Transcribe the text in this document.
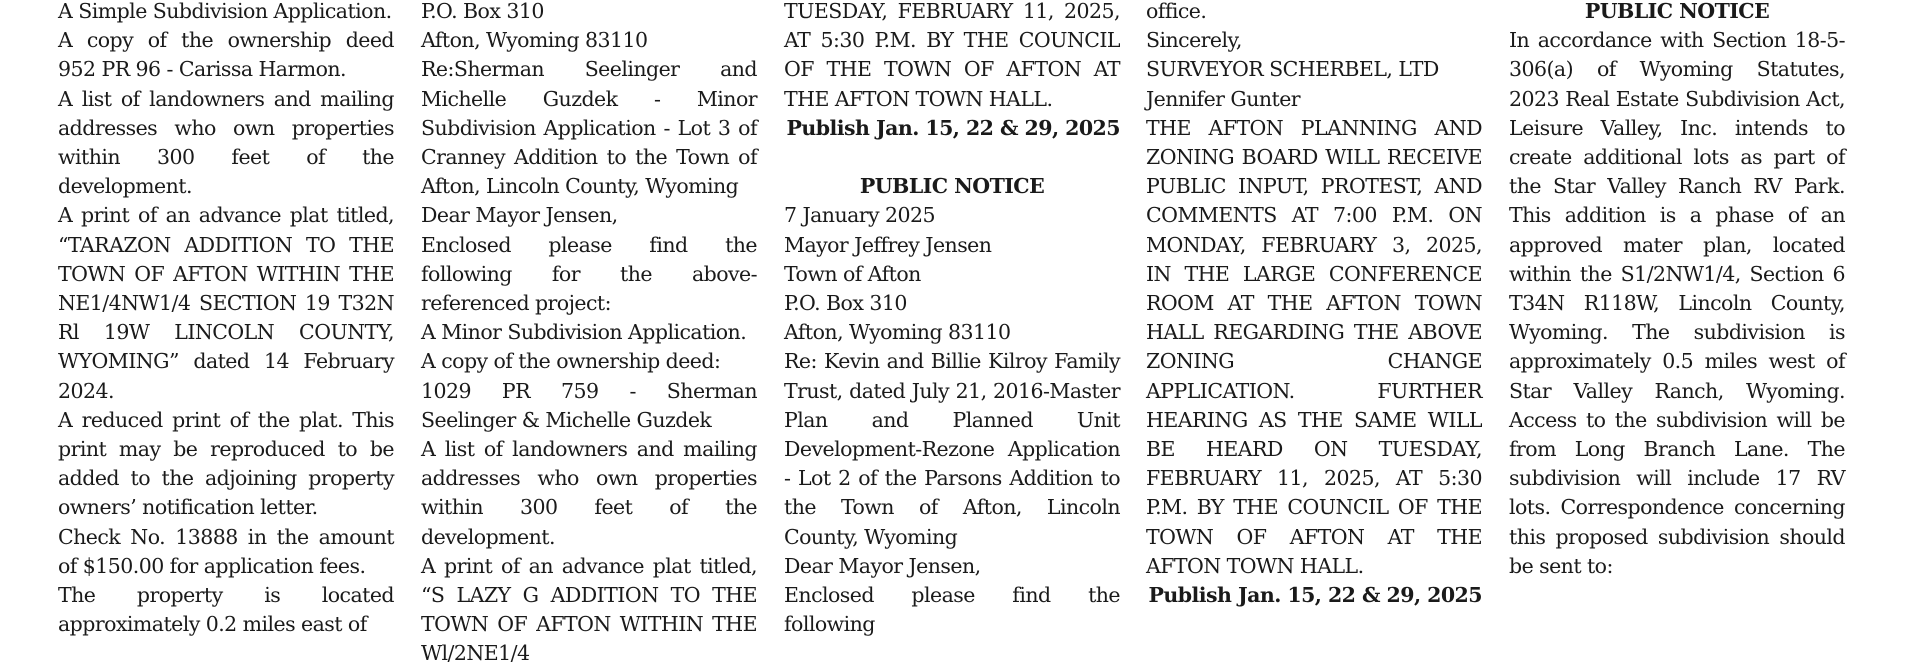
A Simple Subdivision Application.

A copy of the ownership deed 952 PR 96 - Carissa Harmon.

A list of landowners and mailing addresses who own properties within 300 feet of the development.

A print of an advance plat titled, “TARAZON ADDITION TO THE TOWN OF AFTON WITHIN THE NE1/4NW1/4 SECTION 19 T32N Rl 19W LINCOLN COUNTY, WYOMING” dated 14 February 2024.

A reduced print of the plat. This print may be reproduced to be added to the adjoining property owners’ notification letter.

Check No. 13888 in the amount of $150.00 for application fees.

The property is located approximately 0.2 miles east of

P.O. Box 310

Afton, Wyoming 83110

Re:Sherman Seelinger and Michelle Guzdek - Minor Subdivision Application - Lot 3 of Cranney Addition to the Town of Afton, Lincoln County, Wyoming

Dear Mayor Jensen,

Enclosed please find the following for the above-referenced project:

A Minor Subdivision Application.

A copy of the ownership deed:

1029 PR 759 - Sherman Seelinger & Michelle Guzdek

A list of landowners and mailing addresses who own properties within 300 feet of the development.

A print of an advance plat titled, “S LAZY G ADDITION TO THE TOWN OF AFTON WITHIN THE Wl/2NE1/4

TUESDAY, FEBRUARY 11, 2025, AT 5:30 P.M. BY THE COUNCIL OF THE TOWN OF AFTON AT THE AFTON TOWN HALL.

Publish Jan. 15, 22 & 29, 2025

PUBLIC NOTICE

7 January 2025

Mayor Jeffrey Jensen

Town of Afton

P.O. Box 310

Afton, Wyoming 83110

Re: Kevin and Billie Kilroy Family Trust, dated July 21, 2016-Master Plan and Planned Unit Development-Rezone Application - Lot 2 of the Parsons Addition to the Town of Afton, Lincoln County, Wyoming

Dear Mayor Jensen,

Enclosed please find the following

office.

Sincerely,

SURVEYOR SCHERBEL, LTD

Jennifer Gunter

THE AFTON PLANNING AND ZONING BOARD WILL RECEIVE PUBLIC INPUT, PROTEST, AND COMMENTS AT 7:00 P.M. ON MONDAY, FEBRUARY 3, 2025, IN THE LARGE CONFERENCE ROOM AT THE AFTON TOWN HALL REGARDING THE ABOVE ZONING CHANGE APPLICATION. FURTHER HEARING AS THE SAME WILL BE HEARD ON TUESDAY, FEBRUARY 11, 2025, AT 5:30 P.M. BY THE COUNCIL OF THE TOWN OF AFTON AT THE AFTON TOWN HALL.

Publish Jan. 15, 22 & 29, 2025

PUBLIC NOTICE

In accordance with Section 18-5-306(a) of Wyoming Statutes, 2023 Real Estate Subdivision Act, Leisure Valley, Inc. intends to create additional lots as part of the Star Valley Ranch RV Park. This addition is a phase of an approved mater plan, located within the S1/2NW1/4, Section 6 T34N R118W, Lincoln County, Wyoming. The subdivision is approximately 0.5 miles west of Star Valley Ranch, Wyoming. Access to the subdivision will be from Long Branch Lane. The subdivision will include 17 RV lots. Correspondence concerning this proposed subdivision should be sent to:
